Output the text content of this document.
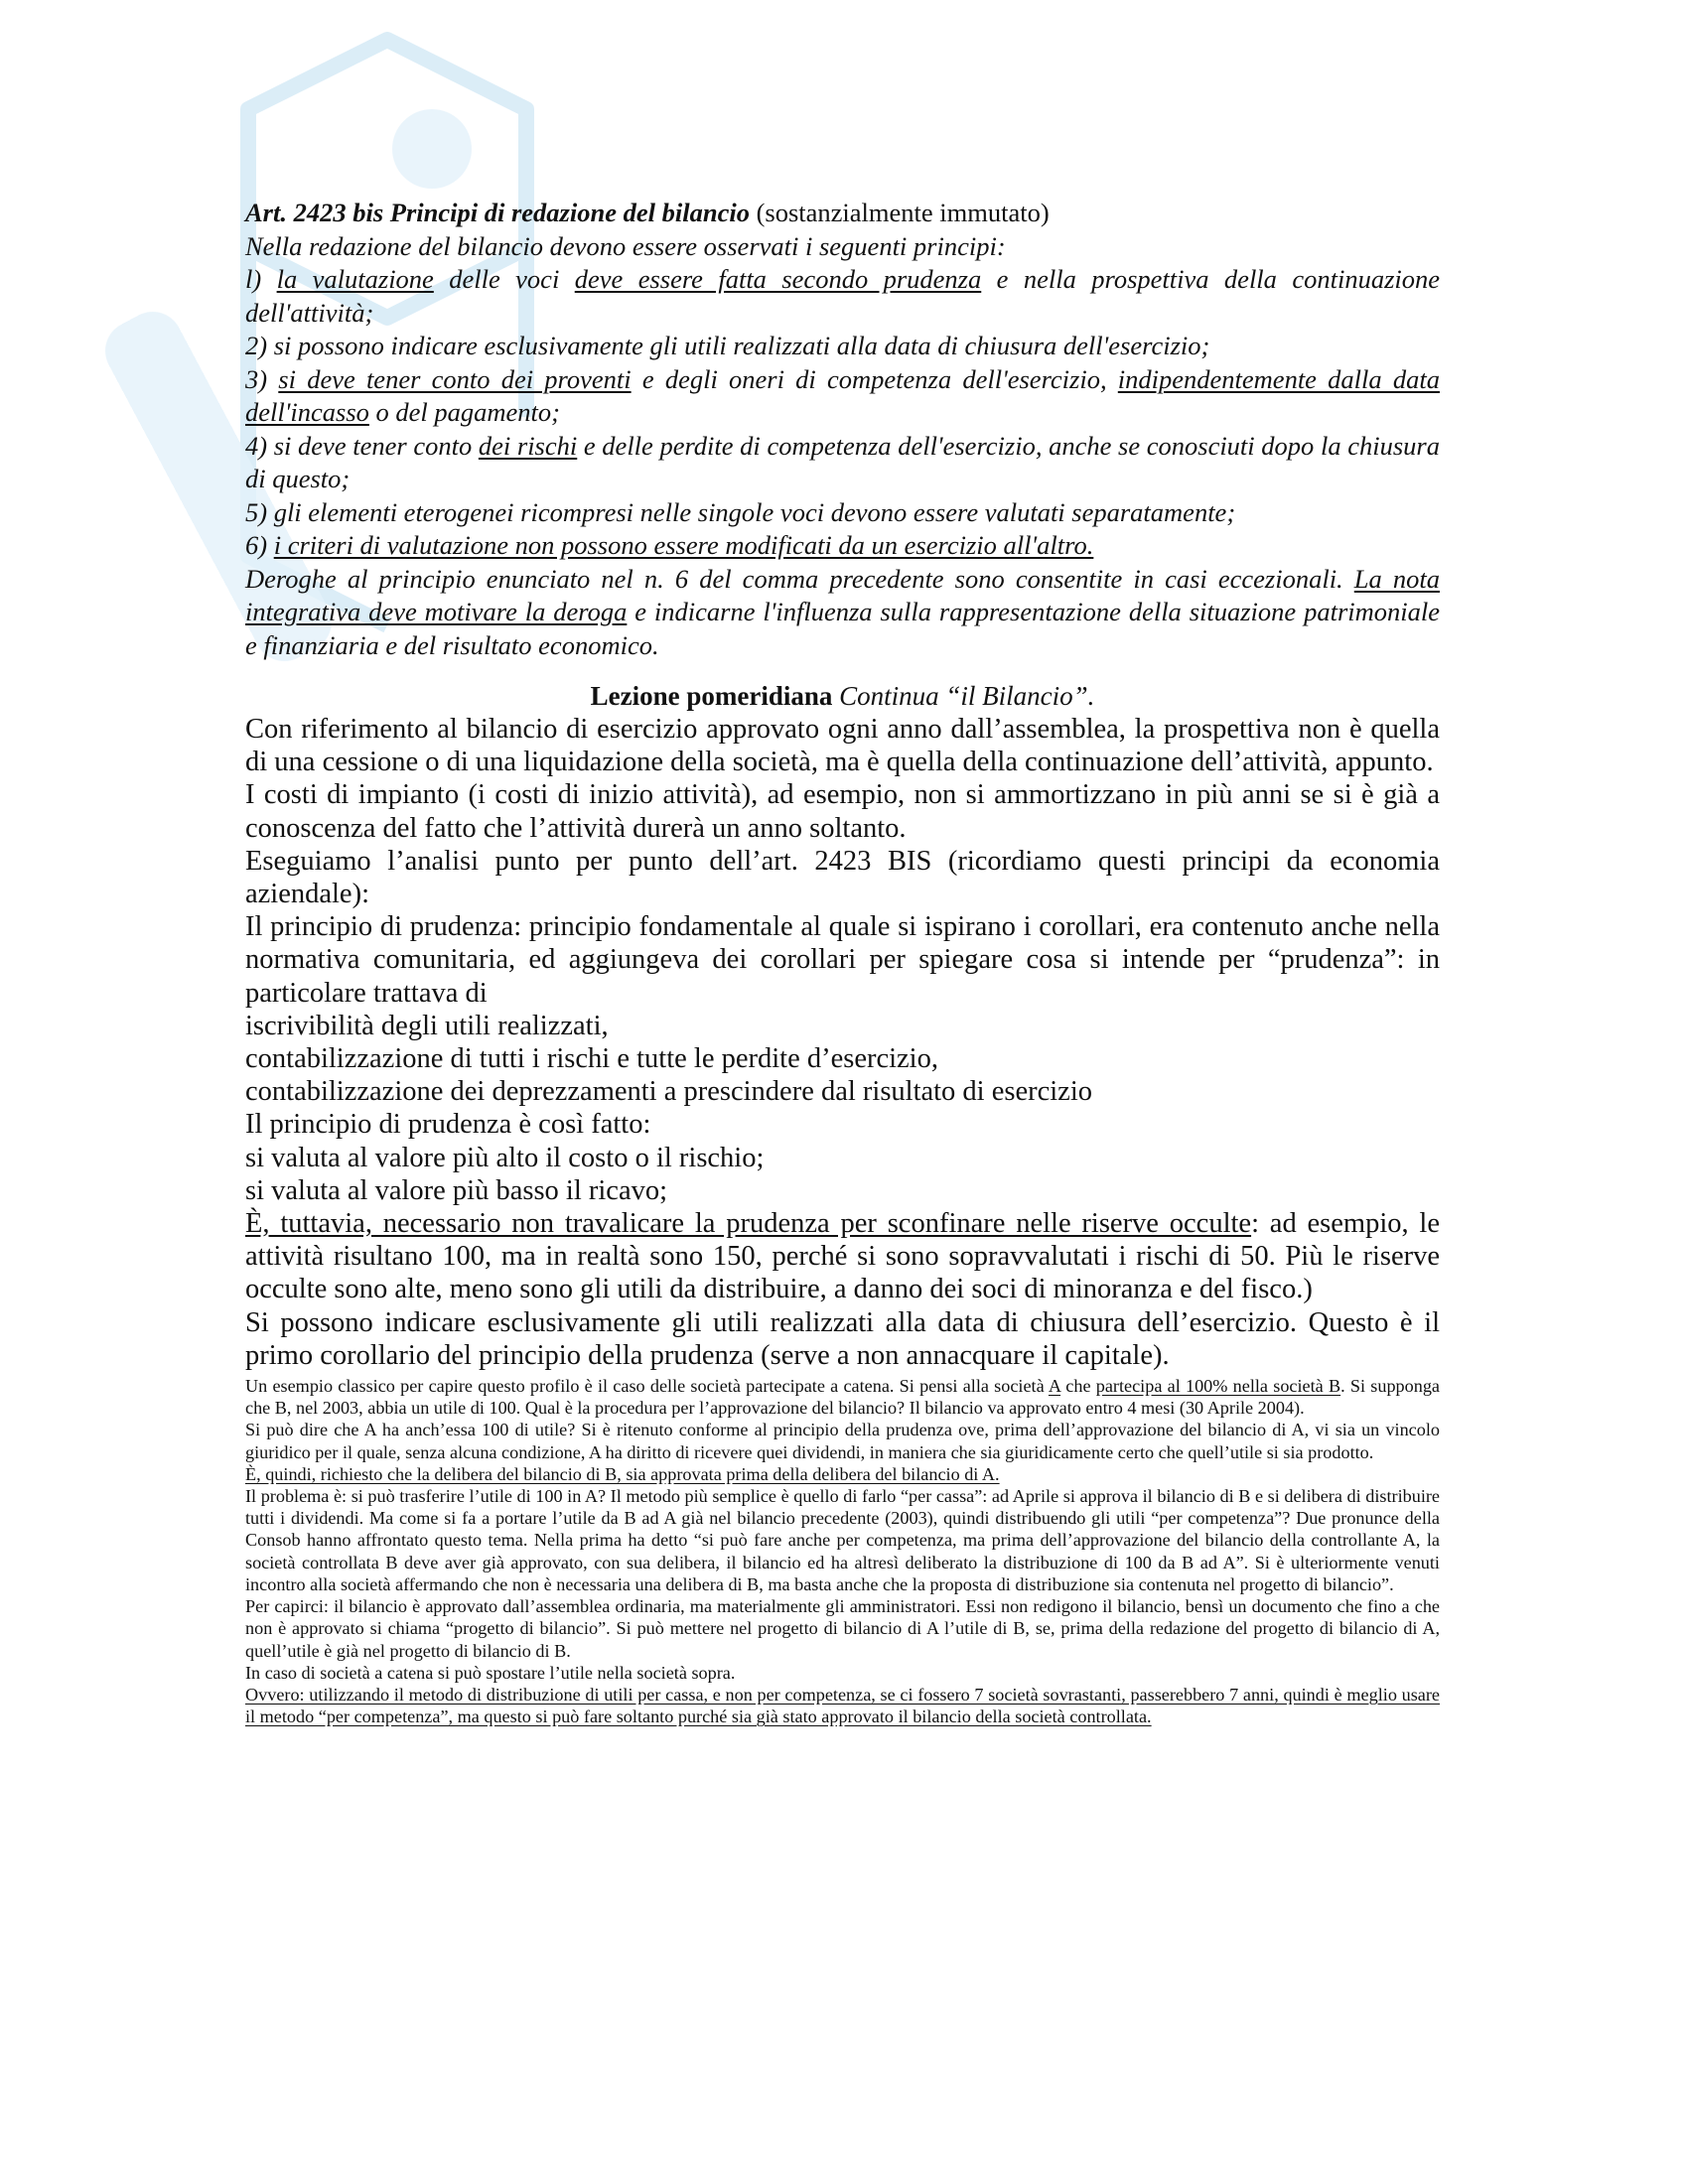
Art. 2423 bis Principi di redazione del bilancio (sostanzialmente immutato)

Nella redazione del bilancio devono essere osservati i seguenti principi:

l) la valutazione delle voci deve essere fatta secondo prudenza e nella prospettiva della continuazione dell'attività;

2) si possono indicare esclusivamente gli utili realizzati alla data di chiusura dell'esercizio;

3) si deve tener conto dei proventi e degli oneri di competenza dell'esercizio, indipendentemente dalla data dell'incasso o del pagamento;

4) si deve tener conto dei rischi e delle perdite di competenza dell'esercizio, anche se conosciuti dopo la chiusura di questo;

5) gli elementi eterogenei ricompresi nelle singole voci devono essere valutati separatamente;

6) i criteri di valutazione non possono essere modificati da un esercizio all'altro.

Deroghe al principio enunciato nel n. 6 del comma precedente sono consentite in casi eccezionali. La nota integrativa deve motivare la deroga e indicarne l'influenza sulla rappresentazione della situazione patrimoniale e finanziaria e del risultato economico.

Lezione pomeridiana Continua “il Bilancio”.

Con riferimento al bilancio di esercizio approvato ogni anno dall’assemblea, la prospettiva non è quella di una cessione o di una liquidazione della società, ma è quella della continuazione dell’attività, appunto.

I costi di impianto (i costi di inizio attività), ad esempio, non si ammortizzano in più anni se si è già a conoscenza del fatto che l’attività durerà un anno soltanto.

Eseguiamo l’analisi punto per punto dell’art. 2423 BIS (ricordiamo questi principi da economia aziendale):

Il principio di prudenza: principio fondamentale al quale si ispirano i corollari, era contenuto anche nella normativa comunitaria, ed aggiungeva dei corollari per spiegare cosa si intende per “prudenza”: in particolare trattava di

iscrivibilità degli utili realizzati,

contabilizzazione di tutti i rischi e tutte le perdite d’esercizio,

contabilizzazione dei deprezzamenti a prescindere dal risultato di esercizio

Il principio di prudenza è così fatto:

si valuta al valore più alto il costo o il rischio;

si valuta al valore più basso il ricavo;

È, tuttavia, necessario non travalicare la prudenza per sconfinare nelle riserve occulte: ad esempio, le attività risultano 100, ma in realtà sono 150, perché si sono sopravvalutati i rischi di 50. Più le riserve occulte sono alte, meno sono gli utili da distribuire, a danno dei soci di minoranza e del fisco.)

Si possono indicare esclusivamente gli utili realizzati alla data di chiusura dell’esercizio. Questo è il primo corollario del principio della prudenza (serve a non annacquare il capitale).

Un esempio classico per capire questo profilo è il caso delle società partecipate a catena. Si pensi alla società A che partecipa al 100% nella società B. Si supponga che B, nel 2003, abbia un utile di 100. Qual è la procedura per l’approvazione del bilancio? Il bilancio va approvato entro 4 mesi (30 Aprile 2004).

Si può dire che A ha anch’essa 100 di utile? Si è ritenuto conforme al principio della prudenza ove, prima dell’approvazione del bilancio di A, vi sia un vincolo giuridico per il quale, senza alcuna condizione, A ha diritto di ricevere quei dividendi, in maniera che sia giuridicamente certo che quell’utile si sia prodotto.

È, quindi, richiesto che la delibera del bilancio di B, sia approvata prima della delibera del bilancio di A.

Il problema è: si può trasferire l’utile di 100 in A? Il metodo più semplice è quello di farlo “per cassa”: ad Aprile si approva il bilancio di B e si delibera di distribuire tutti i dividendi. Ma come si fa a portare l’utile da B ad A già nel bilancio precedente (2003), quindi distribuendo gli utili “per competenza”? Due pronunce della Consob hanno affrontato questo tema. Nella prima ha detto “si può fare anche per competenza, ma prima dell’approvazione del bilancio della controllante A, la società controllata B deve aver già approvato, con sua delibera, il bilancio ed ha altresì deliberato la distribuzione di 100 da B ad A”. Si è ulteriormente venuti incontro alla società affermando che non è necessaria una delibera di B, ma basta anche che la proposta di distribuzione sia contenuta nel progetto di bilancio”.

Per capirci: il bilancio è approvato dall’assemblea ordinaria, ma materialmente gli amministratori. Essi non redigono il bilancio, bensì un documento che fino a che non è approvato si chiama “progetto di bilancio”. Si può mettere nel progetto di bilancio di A l’utile di B, se, prima della redazione del progetto di bilancio di A, quell’utile è già nel progetto di bilancio di B.

In caso di società a catena si può spostare l’utile nella società sopra.

Ovvero: utilizzando il metodo di distribuzione di utili per cassa, e non per competenza, se ci fossero 7 società sovrastanti, passerebbero 7 anni, quindi è meglio usare il metodo “per competenza”, ma questo si può fare soltanto purché sia già stato approvato il bilancio della società controllata.
